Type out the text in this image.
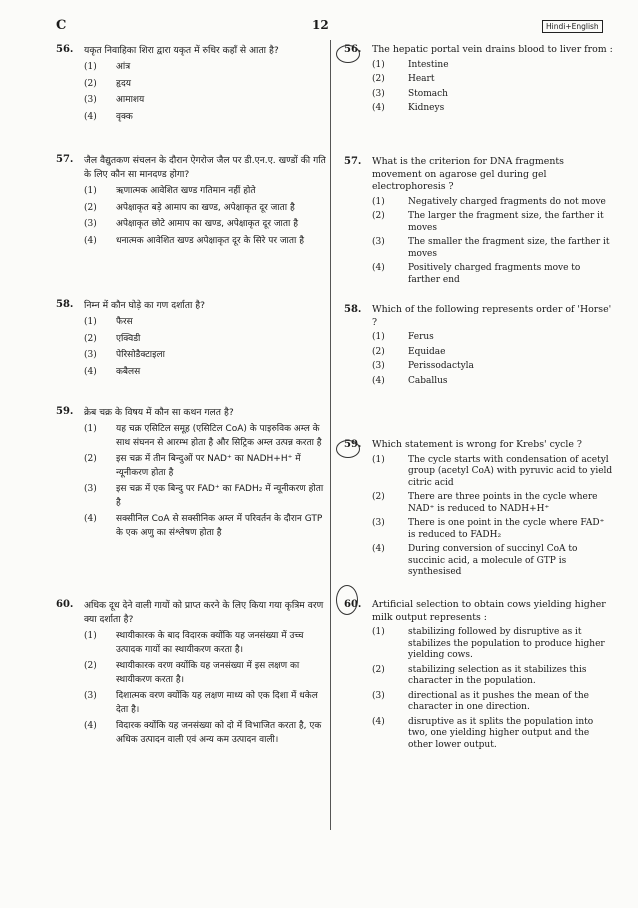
C	12	Hindi+English
56. यकृत निवाहिका शिरा द्वारा यकृत में रुधिर कहाँ से आता है?
(1) आंत्र
(2) हृदय
(3) आमाशय
(4) वृक्क
57. जैल वैद्युतकण संचलन के दौरान ऐगरोज जैल पर डी.एन.ए. खण्डों की गति के लिए कौन सा मानदण्ड होगा?
(1) ऋणात्मक आवेशित खण्ड गतिमान नहीं होते
(2) अपेक्षाकृत बड़े आमाप का खण्ड, अपेक्षाकृत दूर जाता है
(3) अपेक्षाकृत छोटे आमाप का खण्ड, अपेक्षाकृत दूर जाता है
(4) धनात्मक आवेशित खण्ड अपेक्षाकृत दूर के सिरे पर जाता है
58. निम्न में कौन घोड़े का गण दर्शाता है?
(1) फैरस
(2) एक्विडी
(3) पेरिसोडैक्टाइला
(4) कबैलस
59. क्रेब चक्र के विषय में कौन सा कथन गलत है?
(1) यह चक्र एसिटिल समूह (एसिटिल CoA) के पाइरुविक अम्ल के साथ संघनन से आरम्भ होता है और सिट्रिक अम्ल उत्पन्न करता है
(2) इस चक्र में तीन बिन्दुओं पर NAD⁺ का NADH+H⁺ में न्यूनीकरण होता है
(3) इस चक्र में एक बिन्दु पर FAD⁺ का FADH₂ में न्यूनीकरण होता है
(4) सक्सीनिल CoA से सक्सीनिक अम्ल में परिवर्तन के दौरान GTP के एक अणु का संश्लेषण होता है
60. अधिक दूध देने वाली गायों को प्राप्त करने के लिए किया गया कृत्रिम वरण क्या दर्शाता है?
(1) स्थायीकारक के बाद विदारक क्योंकि यह जनसंख्या में उच्च उत्पादक गायों का स्थायीकरण करता है।
(2) स्थायीकारक वरण क्योंकि यह जनसंख्या में इस लक्षण का स्थायीकरण करता है।
(3) दिशात्मक वरण क्योंकि यह लक्षण माध्य को एक दिशा में धकेल देता है।
(4) विदारक क्योंकि यह जनसंख्या को दो में विभाजित करता है, एक अधिक उत्पादन वाली एवं अन्य कम उत्पादन वाली।
56. The hepatic portal vein drains blood to liver from :
(1)	Intestine
(2)	Heart
(3)	Stomach
(4)	Kidneys
57. What is the criterion for DNA fragments movement on agarose gel during gel electrophoresis ?
(1)	Negatively charged fragments do not move
(2)	The larger the fragment size, the farther it moves
(3)	The smaller the fragment size, the farther it moves
(4)	Positively charged fragments move to farther end
58. Which of the following represents order of 'Horse' ?
(1)	Ferus
(2)	Equidae
(3)	Perissodactyla
(4)	Caballus
59. Which statement is wrong for Krebs' cycle ?
(1)	The cycle starts with condensation of acetyl group (acetyl CoA) with pyruvic acid to yield citric acid
(2)	There are three points in the cycle where NAD⁺ is reduced to NADH+H⁺
(3)	There is one point in the cycle where FAD⁺ is reduced to FADH₂
(4)	During conversion of succinyl CoA to succinic acid, a molecule of GTP is synthesised
60. Artificial selection to obtain cows yielding higher milk output represents :
(1)	stabilizing followed by disruptive as it stabilizes the population to produce higher yielding cows.
(2)	stabilizing selection as it stabilizes this character in the population.
(3)	directional as it pushes the mean of the character in one direction.
(4)	disruptive as it splits the population into two, one yielding higher output and the other lower output.
